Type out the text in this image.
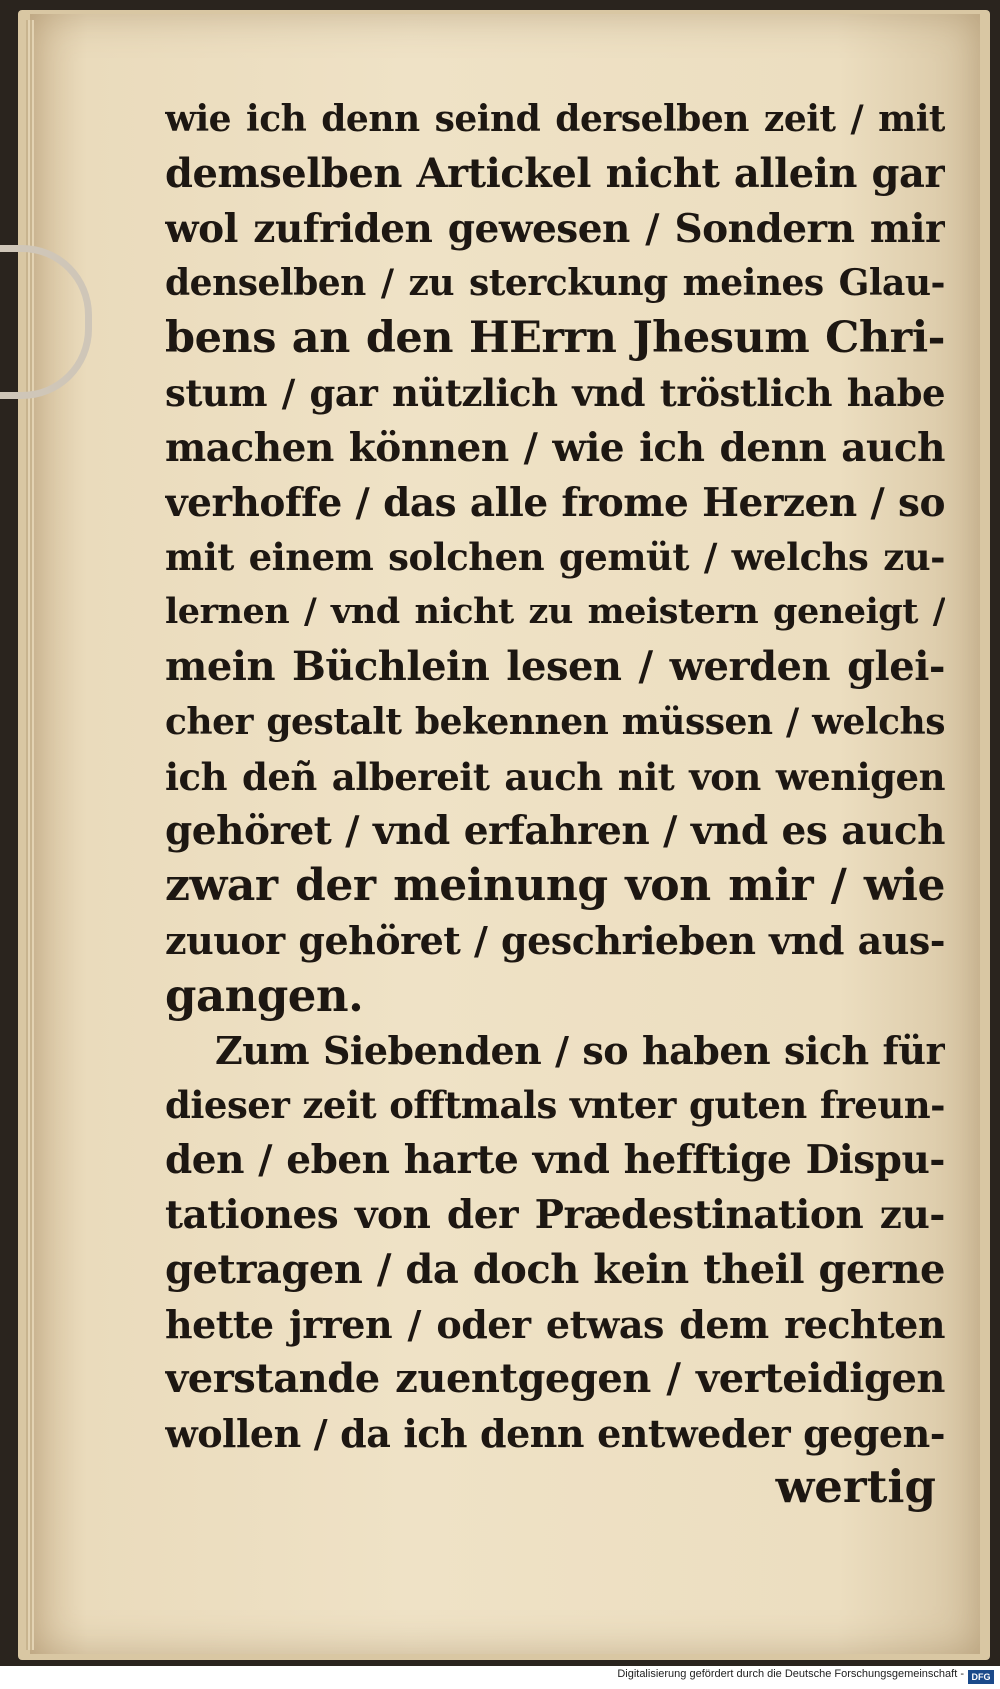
wie ich denn seind derselben zeit / mit
demselben Artickel nicht allein gar
wol zufriden gewesen / Sondern mir
denselben / zu sterckung meines Glau-
bens an den HErrn Jhesum Chri-
stum / gar nützlich vnd tröstlich habe
machen können / wie ich denn auch
verhoffe / das alle frome Herzen / so
mit einem solchen gemüt / welchs zu-
lernen / vnd nicht zu meistern geneigt /
mein Büchlein lesen / werden glei-
cher gestalt bekennen müssen / welchs
ich deñ albereit auch nit von wenigen
gehöret / vnd erfahren / vnd es auch
zwar der meinung von mir / wie
zuuor gehöret / geschrieben vnd aus-
gangen.
Zum Siebenden / so haben sich für
dieser zeit offtmals vnter guten freun-
den / eben harte vnd hefftige Dispu-
tationes von der Prædestination zu-
getragen / da doch kein theil gerne
hette jrren / oder etwas dem rechten
verstande zuentgegen / verteidigen
wollen / da ich denn entweder gegen-
wertig
Digitalisierung gefördert durch die Deutsche Forschungsgemeinschaft - DFG
